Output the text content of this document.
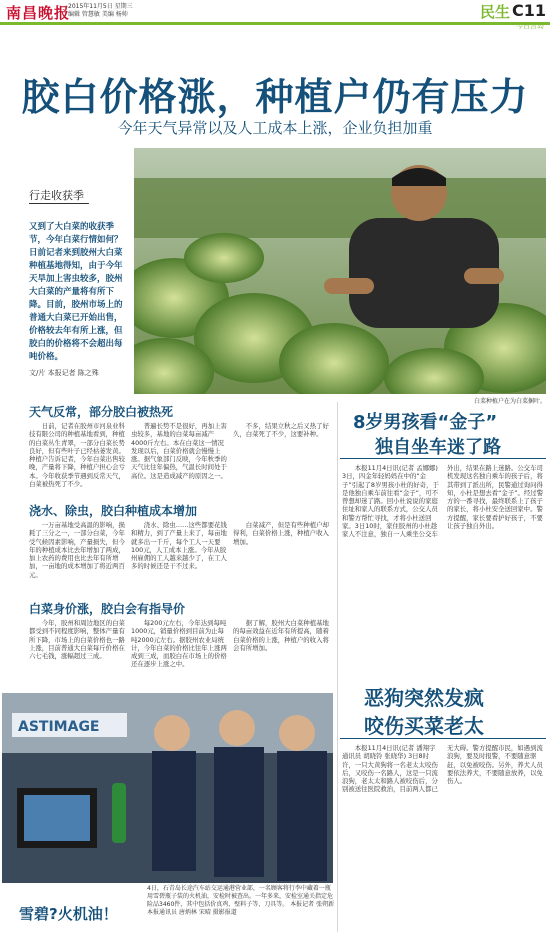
南昌晚报
2015年11月5日 星期三
编辑 管慧敏 美编 杨帅	民生 C11
今日言岛
胶白价格涨，种植户仍有压力
今年天气异常以及人工成本上涨，企业负担加重
行走收获季
又到了大白菜的收获季节，今年白菜行情如何？日前记者来到胶州大白菜种植基地得知，由于今年天旱加上害虫较多，胶州大白菜的产量将有所下降。目前，胶州市场上的普通大白菜已开始出售，价格较去年有所上涨，但胶白的价格将不会超出每吨价格。
文/片 本报记者 陈之殊
白菜种植户在为白菜捆叶。
天气反常，部分胶白被热死
日前，记者在胶州市河泉业科技有限公司的种植基地看到，种植的白菜丛生青翠，一部分白菜长势良好，但有些叶子已经枯萎发黄。种植户告诉记者，今年白菜出售较晚，产量将下降，种植户担心会亏本。今年收获季节遇到反常天气，白菜被热死了不少。
普遍长势不是很好，再加上害虫较多，基地的白菜每亩减产4000斤左右。本在白菜这一情况发现以后，白菜价格就会慢慢上涨。据气象部门反映，今年秋季的天气比往年偏热，气温长时间处于高位。这是造成减产的原因之一。
不多，结果立秋之后又热了好久，白菜死了不少，这要补种。
浇水、除虫，胶白种植成本增加
一万亩基地受高温的影响，损耗了三分之一，一部分白菜，今年受气候因素影响，产量损失，但今年的种植成本比去年增加了两成，加上农药的费用也比去年有所增加，一亩地的成本增加了将近两百元。
浇水、除虫……这些都要花钱和精力，到了产量上来了，每亩地就多出一千斤，每个工人一天要100元，人工成本上涨。今年从胶州雇佣的工人越来越少了，在工人多的时候还是干不过来。
白菜减产，但是有些种植户却得利，白菜价格上涨，种植户收入增加。
白菜身价涨，胶白会有指导价
今年，胶州和周边地区的白菜都受到不同程度影响，整体产量有所下降，市场上的白菜价格也一路上涨，目前普通大白菜每斤价格在六七毛钱，涨幅超过三成。
每200元左右，今年达到每吨1000元，销量价格到目前为止每吨2000元左右。据胶州农业局统计，今年白菜的价格比往年上涨两成到三成，而胶白在市场上的价格还在逐步上涨之中。
据了解，胶州大白菜种植基地的每亩效益在近年有所提高，随着白菜价格的上涨，种植户的收入将会有所增加。
8岁男孩看“金子”
独自坐车迷了路
本报11月4日讯(记者 孟娜娜) 3日，四金年轻妈妈在中的“金子”引起了8岁男孩小杜的好奇，于是他独自乘车前往看“金子”，可不曾想却迷了路。回小杜说说的家庭住址和家人的联系方式，公交人员和警方帮忙寻找，才将小杜送回家。3日10时，家住胶州的小杜趁家人不注意，独自一人乘坐公交车外出，结果在路上迷路。公交车司机发现这名独自乘车的孩子后，将其带到了派出所，民警通过询问得知，小杜是想去看“金子”。经过警方的一番寻找，最终联系上了孩子的家长，将小杜安全送回家中。警方提醒，家长要看护好孩子，不要让孩子独自外出。
恶狗突然发疯
咬伤买菜老太
本报11月4日讯(记者 潘翔宇 通讯员 胡晓铃 张晓华) 3日8时许，一只大黄狗将一名老太太咬伤后，又咬伤一名路人，这是一只流浪狗，老太太和路人被咬伤后，分别被送往医院救治，目前两人都已无大碍。警方提醒市民，如遇到流浪狗，要及时报警，不要随意驱赶，以免被咬伤。另外，养犬人员要依法养犬，不要随意放养，以免伤人。
ASTIMAGE
4日，石青岛长途汽车站交运通港营业部，一名顾客将行李中藏着一瓶用雪碧瓶子装的火机油，安检时被查出。一年多来，安检室通关指定危险品3460件，其中包括价真鸡、壁料子等、刀具等。 本报记者 张朔新 本报通讯员 唐炳林 宋晴 摄影报道
雪碧?火机油！
